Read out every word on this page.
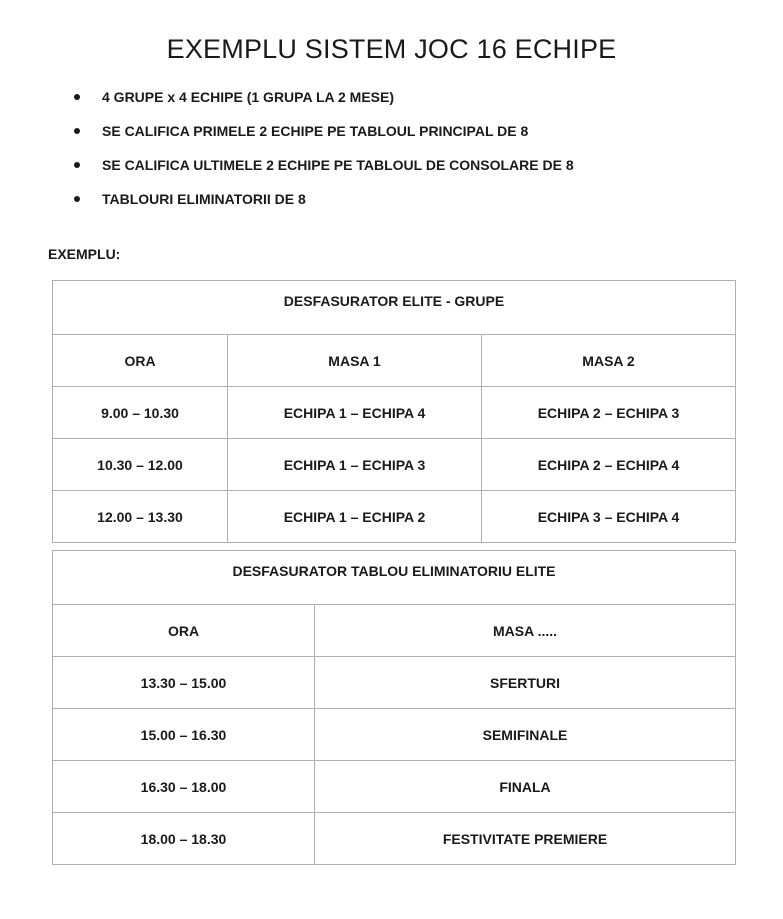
EXEMPLU SISTEM JOC 16 ECHIPE
4 GRUPE x 4 ECHIPE (1 GRUPA LA 2 MESE)
SE CALIFICA PRIMELE 2 ECHIPE PE TABLOUL PRINCIPAL DE 8
SE CALIFICA ULTIMELE 2 ECHIPE PE TABLOUL DE CONSOLARE DE 8
TABLOURI ELIMINATORII DE 8
EXEMPLU:
DESFASURATOR ELITE - GRUPE		
ORA	MASA 1	MASA 2
9.00 – 10.30	ECHIPA 1 – ECHIPA 4	ECHIPA 2 – ECHIPA 3
10.30 – 12.00	ECHIPA 1 – ECHIPA 3	ECHIPA 2 – ECHIPA 4
12.00 – 13.30	ECHIPA 1 – ECHIPA 2	ECHIPA 3 – ECHIPA 4
DESFASURATOR TABLOU ELIMINATORIU ELITE	
ORA	MASA .....
13.30 – 15.00	SFERTURI
15.00 – 16.30	SEMIFINALE
16.30 – 18.00	FINALA
18.00 – 18.30	FESTIVITATE PREMIERE
